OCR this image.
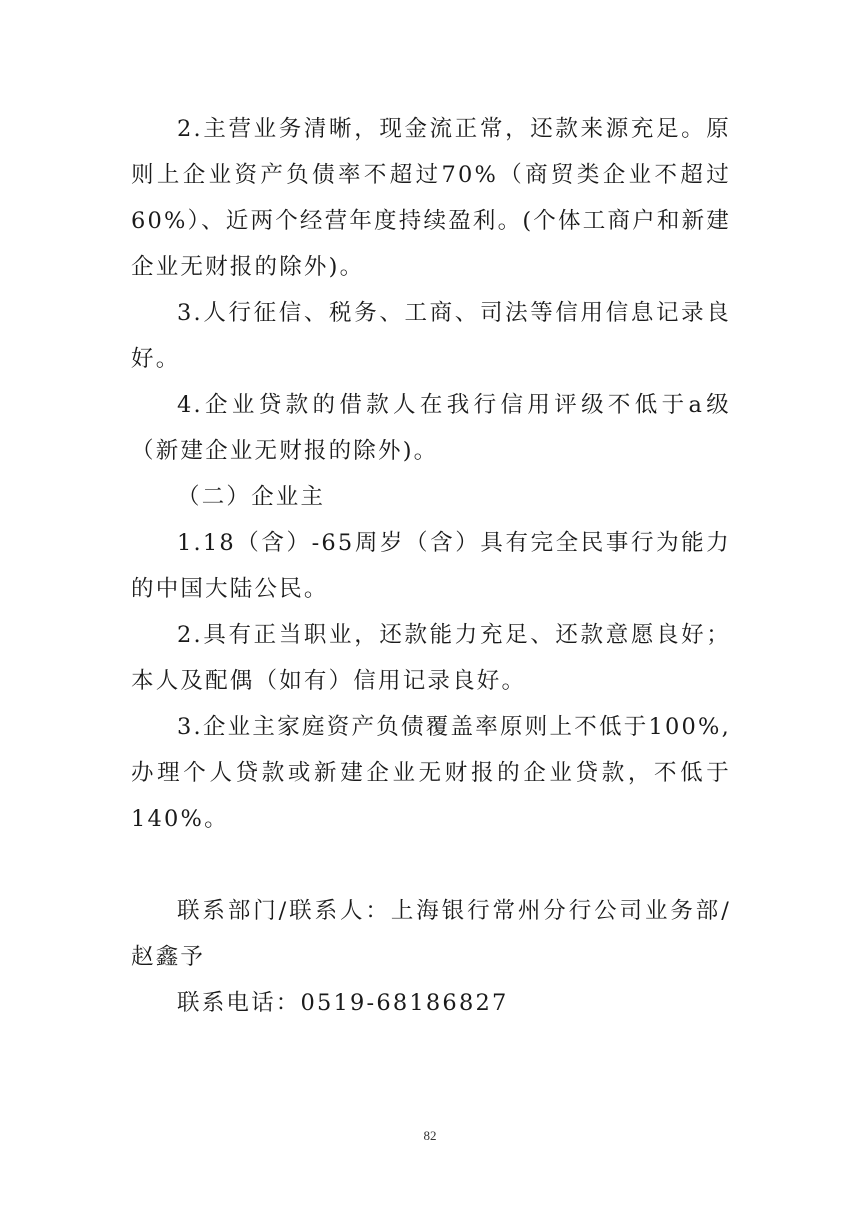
2.主营业务清晰，现金流正常，还款来源充足。原则上企业资产负债率不超过70%（商贸类企业不超过60%）、近两个经营年度持续盈利。(个体工商户和新建企业无财报的除外)。

3.人行征信、税务、工商、司法等信用信息记录良好。

4.企业贷款的借款人在我行信用评级不低于a级（新建企业无财报的除外)。

（二）企业主

1.18（含）-65周岁（含）具有完全民事行为能力的中国大陆公民。

2.具有正当职业，还款能力充足、还款意愿良好；本人及配偶（如有）信用记录良好。

3.企业主家庭资产负债覆盖率原则上不低于100%,办理个人贷款或新建企业无财报的企业贷款，不低于140%。

联系部门/联系人：上海银行常州分行公司业务部/赵鑫予

联系电话：0519-68186827

82
